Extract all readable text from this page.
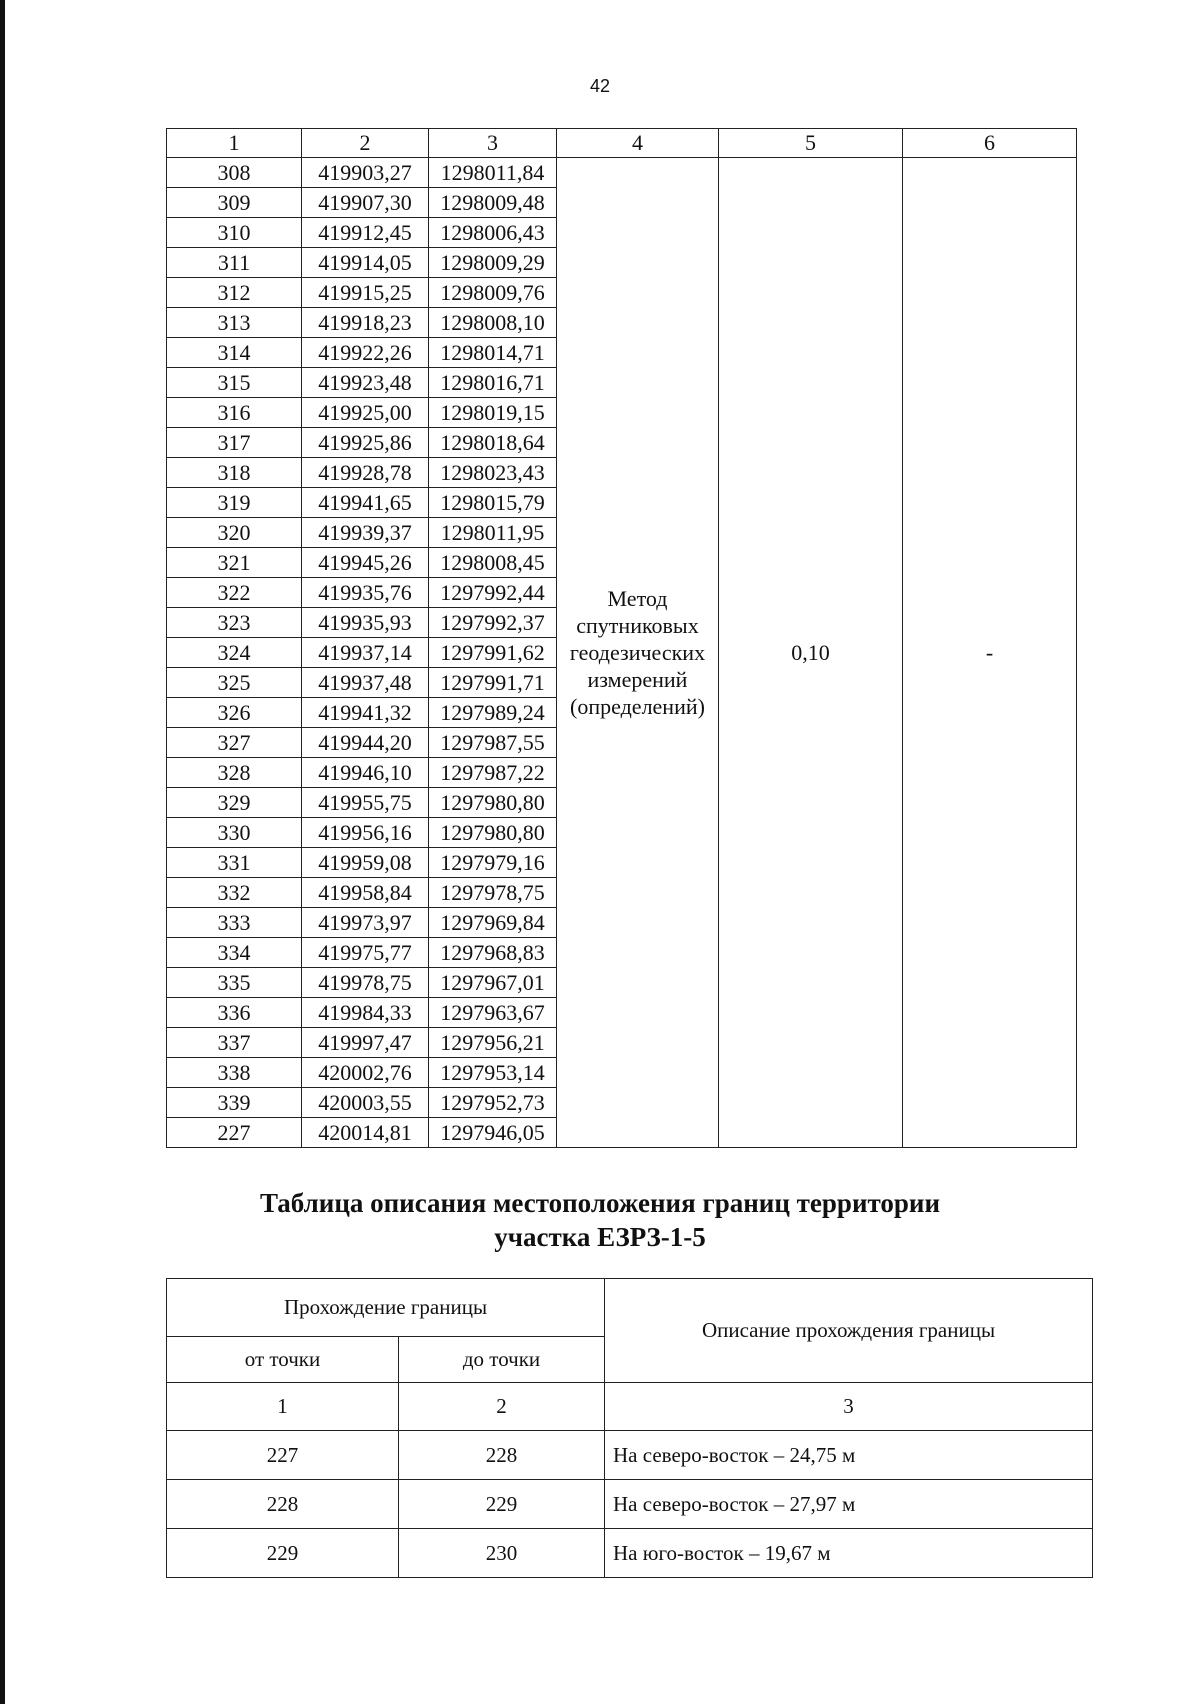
42
1	2	3	4	5	6
308	419903,27	1298011,84	Метод
спутниковых
геодезических
измерений
(определений)	0,10	-
309	419907,30	1298009,48			
310	419912,45	1298006,43			
311	419914,05	1298009,29			
312	419915,25	1298009,76			
313	419918,23	1298008,10			
314	419922,26	1298014,71			
315	419923,48	1298016,71			
316	419925,00	1298019,15			
317	419925,86	1298018,64			
318	419928,78	1298023,43			
319	419941,65	1298015,79			
320	419939,37	1298011,95			
321	419945,26	1298008,45			
322	419935,76	1297992,44			
323	419935,93	1297992,37			
324	419937,14	1297991,62			
325	419937,48	1297991,71			
326	419941,32	1297989,24			
327	419944,20	1297987,55			
328	419946,10	1297987,22			
329	419955,75	1297980,80			
330	419956,16	1297980,80			
331	419959,08	1297979,16			
332	419958,84	1297978,75			
333	419973,97	1297969,84			
334	419975,77	1297968,83			
335	419978,75	1297967,01			
336	419984,33	1297963,67			
337	419997,47	1297956,21			
338	420002,76	1297953,14			
339	420003,55	1297952,73			
227	420014,81	1297946,05			
Таблица описания местоположения границ территории
участка ЕЗРЗ-1-5
Прохождение границы		Описание прохождения границы
от точки	до точки	
1	2	3
227	228	На северо-восток – 24,75 м
228	229	На северо-восток – 27,97 м
229	230	На юго-восток – 19,67 м
